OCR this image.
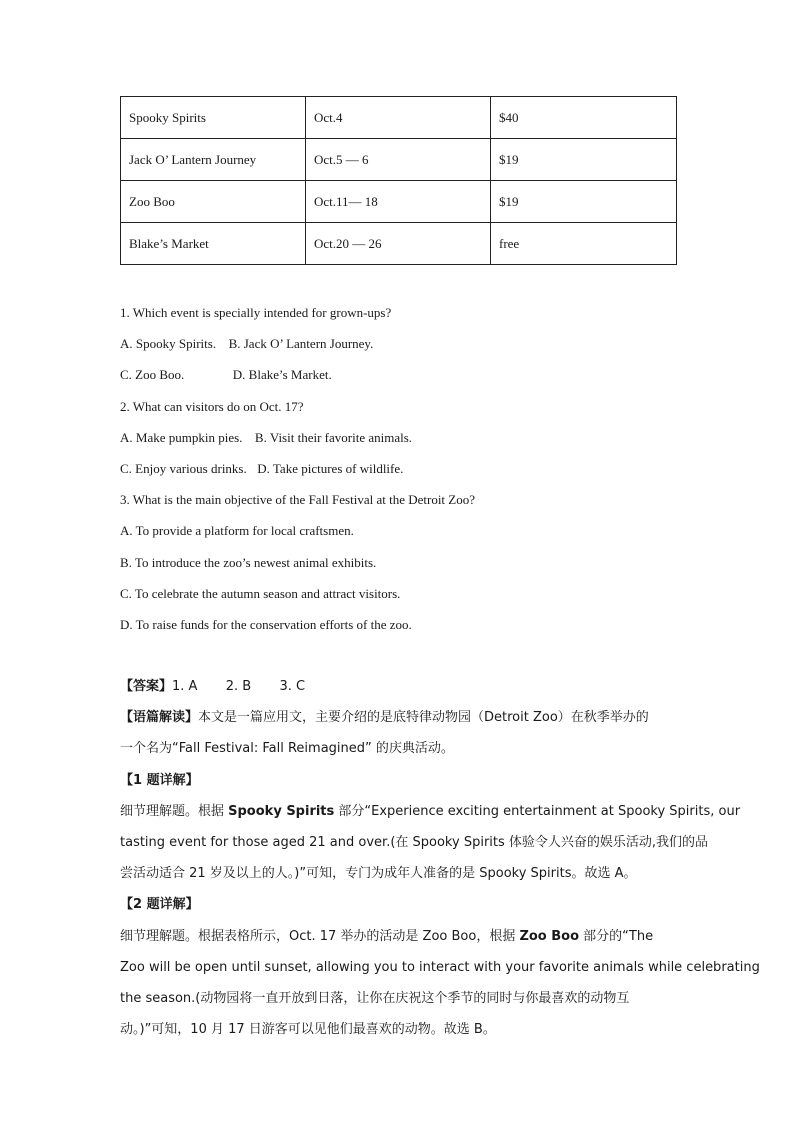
Spooky Spirits	Oct.4	$40
Jack O’ Lantern Journey	Oct.5 — 6	$19
Zoo Boo	Oct.11— 18	$19
Blake’s Market	Oct.20 — 26	free
1. Which event is specially intended for grown-ups?
A. Spooky Spirits. B. Jack O’ Lantern Journey.
C. Zoo Boo.	D. Blake’s Market.
2. What can visitors do on Oct. 17?
A. Make pumpkin pies. B. Visit their favorite animals.
C. Enjoy various drinks. D. Take pictures of wildlife.
3. What is the main objective of the Fall Festival at the Detroit Zoo?
A. To provide a platform for local craftsmen.
B. To introduce the zoo’s newest animal exhibits.
C. To celebrate the autumn season and attract visitors.
D. To raise funds for the conservation efforts of the zoo.
【答案】1. A 2. B 3. C
【语篇解读】本文是一篇应用文，主要介绍的是底特律动物园（Detroit Zoo）在秋季举办的
一个名为“Fall Festival: Fall Reimagined” 的庆典活动。
【1 题详解】
细节理解题。根据 Spooky Spirits 部分“Experience exciting entertainment at Spooky Spirits, our
tasting event for those aged 21 and over.(在 Spooky Spirits 体验令人兴奋的娱乐活动,我们的品
尝活动适合 21 岁及以上的人。)”可知，专门为成年人准备的是 Spooky Spirits。故选 A。
【2 题详解】
细节理解题。根据表格所示，Oct. 17 举办的活动是 Zoo Boo，根据 Zoo Boo 部分的“The
Zoo will be open until sunset, allowing you to interact with your favorite animals while celebrating
the season.(动物园将一直开放到日落，让你在庆祝这个季节的同时与你最喜欢的动物互
动。)”可知，10 月 17 日游客可以见他们最喜欢的动物。故选 B。
